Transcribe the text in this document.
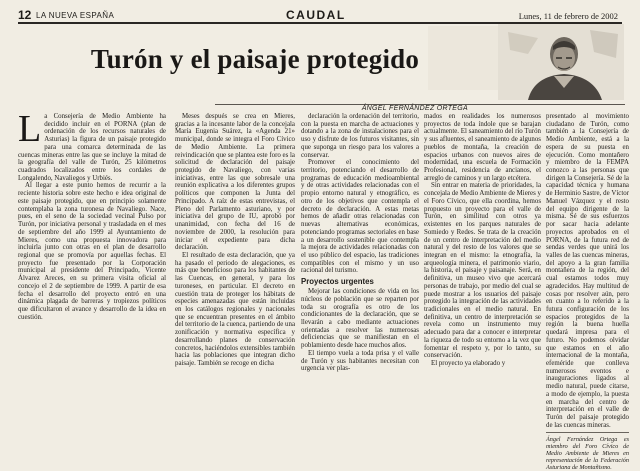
12 LA NUEVA ESPAÑA	CAUDAL	Lunes, 11 de febrero de 2002
Turón y el paisaje protegido
ÁNGEL FERNÁNDEZ ORTEGA

La Consejería de Medio Ambiente ha decidido incluir en el PORNA (plan de ordenación de los recursos naturales de Asturias) la figura de un paisaje protegido para una comarca determinada de las cuencas mineras entre las que se incluye la mitad de la geografía del valle de Turón, 25 kilómetros cuadrados localizados entre los cordales de Longalendo, Navaliegos y Urbiés.

Al llegar a este punto hemos de recurrir a la reciente historia sobre este hecho e idea original de este paisaje protegido, que en principio solamente contemplaba la zona turonesa de Navaliego. Nace, pues, en el seno de la sociedad vecinal Pulso por Turón, por iniciativa personal y trasladada en el mes de septiembre del año 1999 al Ayuntamiento de Mieres, como una propuesta innovadora para incluirla junto con otras en el plan de desarrollo regional que se promovía por aquellas fechas. El proyecto fue presentado por la Corporación municipal al presidente del Principado, Vicente Álvarez Areces, en su primera visita oficial al concejo el 2 de septiembre de 1999. A partir de esa fecha el desarrollo del proyecto entró en una dinámica plagada de barreras y tropiezos políticos que dificultaron el avance y desarrollo de la idea en cuestión.

Meses después se crea en Mieres, gracias a la incesante labor de la concejala María Eugenia Suárez, la «Agenda 21» municipal, donde se integra el Foro Cívico de Medio Ambiente. La primera reivindicación que se plantea este foro es la solicitud de declaración del paisaje protegido de Navaliego, con varias iniciativas, entre las que sobresale una reunión explicativa a los diferentes grupos políticos que componen la Junta del Principado. A raíz de estas entrevistas, el Pleno del Parlamento asturiano, y por iniciativa del grupo de IU, aprobó por unanimidad, con fecha del 16 de noviembre de 2000, la resolución para iniciar el expediente para dicha declaración.

El resultado de esta declaración, que ya ha pasado el periodo de alegaciones, es más que beneficioso para los habitantes de las Cuencas, en general, y para los turoneses, en particular. El decreto en cuestión trata de proteger los hábitats de especies amenazadas que están incluidas en los catálogos regionales y nacionales que se encuentran presentes en el ámbito del territorio de la cuenca, partiendo de una zonificación y normativa específica y desarrollando planes de conservación concretos, haciéndolos extensibles también hacia las poblaciones que integran dicho paisaje. También se recoge en dicha

declaración la ordenación del territorio, con la puesta en marcha de actuaciones y dotando a la zona de instalaciones para el uso y disfrute de los futuros visitantes, sin que suponga un riesgo para los valores a conservar.

Promover el conocimiento del territorio, potenciando el desarrollo de programas de educación medioambiental y de otras actividades relacionadas con el propio entorno natural y etnográfico, es otro de los objetivos que contempla el decreto de declaración. A estas metas hemos de añadir otras relacionadas con nuevas alternativas económicas, potenciando programas sectoriales en base a un desarrollo sostenible que contempla la mejora de actividades relacionadas con el uso público del espacio, las tradiciones compatibles con el mismo y un uso racional del turismo.

Proyectos urgentes

Mejorar las condiciones de vida en los núcleos de población que se reparten por toda su orografía es otro de los condicionantes de la declaración, que se llevarán a cabo mediante actuaciones orientadas a resolver las numerosas deficiencias que se manifiestan en el poblamiento desde hace muchos años.

El tiempo vuela a toda prisa y el valle de Turón y sus habitantes necesitan con urgencia ver plas-

mados en realidades los numerosos proyectos de toda índole que se barajan actualmente. El saneamiento del río Turón y sus afluentes, el saneamiento de algunos pueblos de montaña, la creación de espacios urbanos con nuevos aires de modernidad, una escuela de Formación Profesional, residencia de ancianos, el arreglo de caminos y un largo etcétera.

Sin entrar en materia de prioridades, la concejala de Medio Ambiente de Mieres y el Foro Cívico, que ella coordina, hemos propuesto un proyecto para el valle de Turón, en similitud con otros ya existentes en los parques naturales de Somiedo y Redes. Se trata de la creación de un centro de interpretación del medio natural y del resto de los valores que se integran en el mismo: la etnografía, la arqueología minera, el patrimonio viario, la historia, el paisaje y paisanaje. Será, en definitiva, un museo vivo que acercará personas de trabajo, por medio del cual se puede mostrar a los usuarios del paisaje protegido la integración de las actividades tradicionales en el medio natural. En definitiva, un centro de interpretación se revela como un instrumento muy adecuado para dar a conocer e interpretar la riqueza de todo su entorno a la vez que fomentar el respeto y, por lo tanto, su conservación.

El proyecto ya elaborado y

presentado al movimiento ciudadano de Turón, como también a la Consejería de Medio Ambiente, está a la espera de su puesta en ejecución. Como montañero y miembro de la FEMPA conozco a las personas que dirigen la Consejería. Sé de la capacidad técnica y humana de Herminio Sastre, de Víctor Manuel Vázquez y el resto del equipo dirigente de la misma. Sé de sus esfuerzos por sacar hacia adelante proyectos aprobados en el PORNA, de la futura red de sendas verdes que unirá los valles de las cuencas mineras, del apoyo a la gran familia montañera de la región, del cual estamos todos muy agradecidos. Hay multitud de cosas por resolver aún, pero en cuanto a lo referido a la futura configuración de los espacios protegidos de la región la buena huella quedará impresa para el futuro. No podemos olvidar que estamos en el año internacional de la montaña, efeméride que conlleva numerosos eventos e inauguraciones ligados al medio natural, puede citarse, a modo de ejemplo, la puesta en marcha del centro de interpretación en el valle de Turón del paisaje protegido de las cuencas mineras.

Ángel Fernández Ortega es miembro del Foro Cívico de Medio Ambiente de Mieres en representación de la Federación Asturiana de Montañismo.
